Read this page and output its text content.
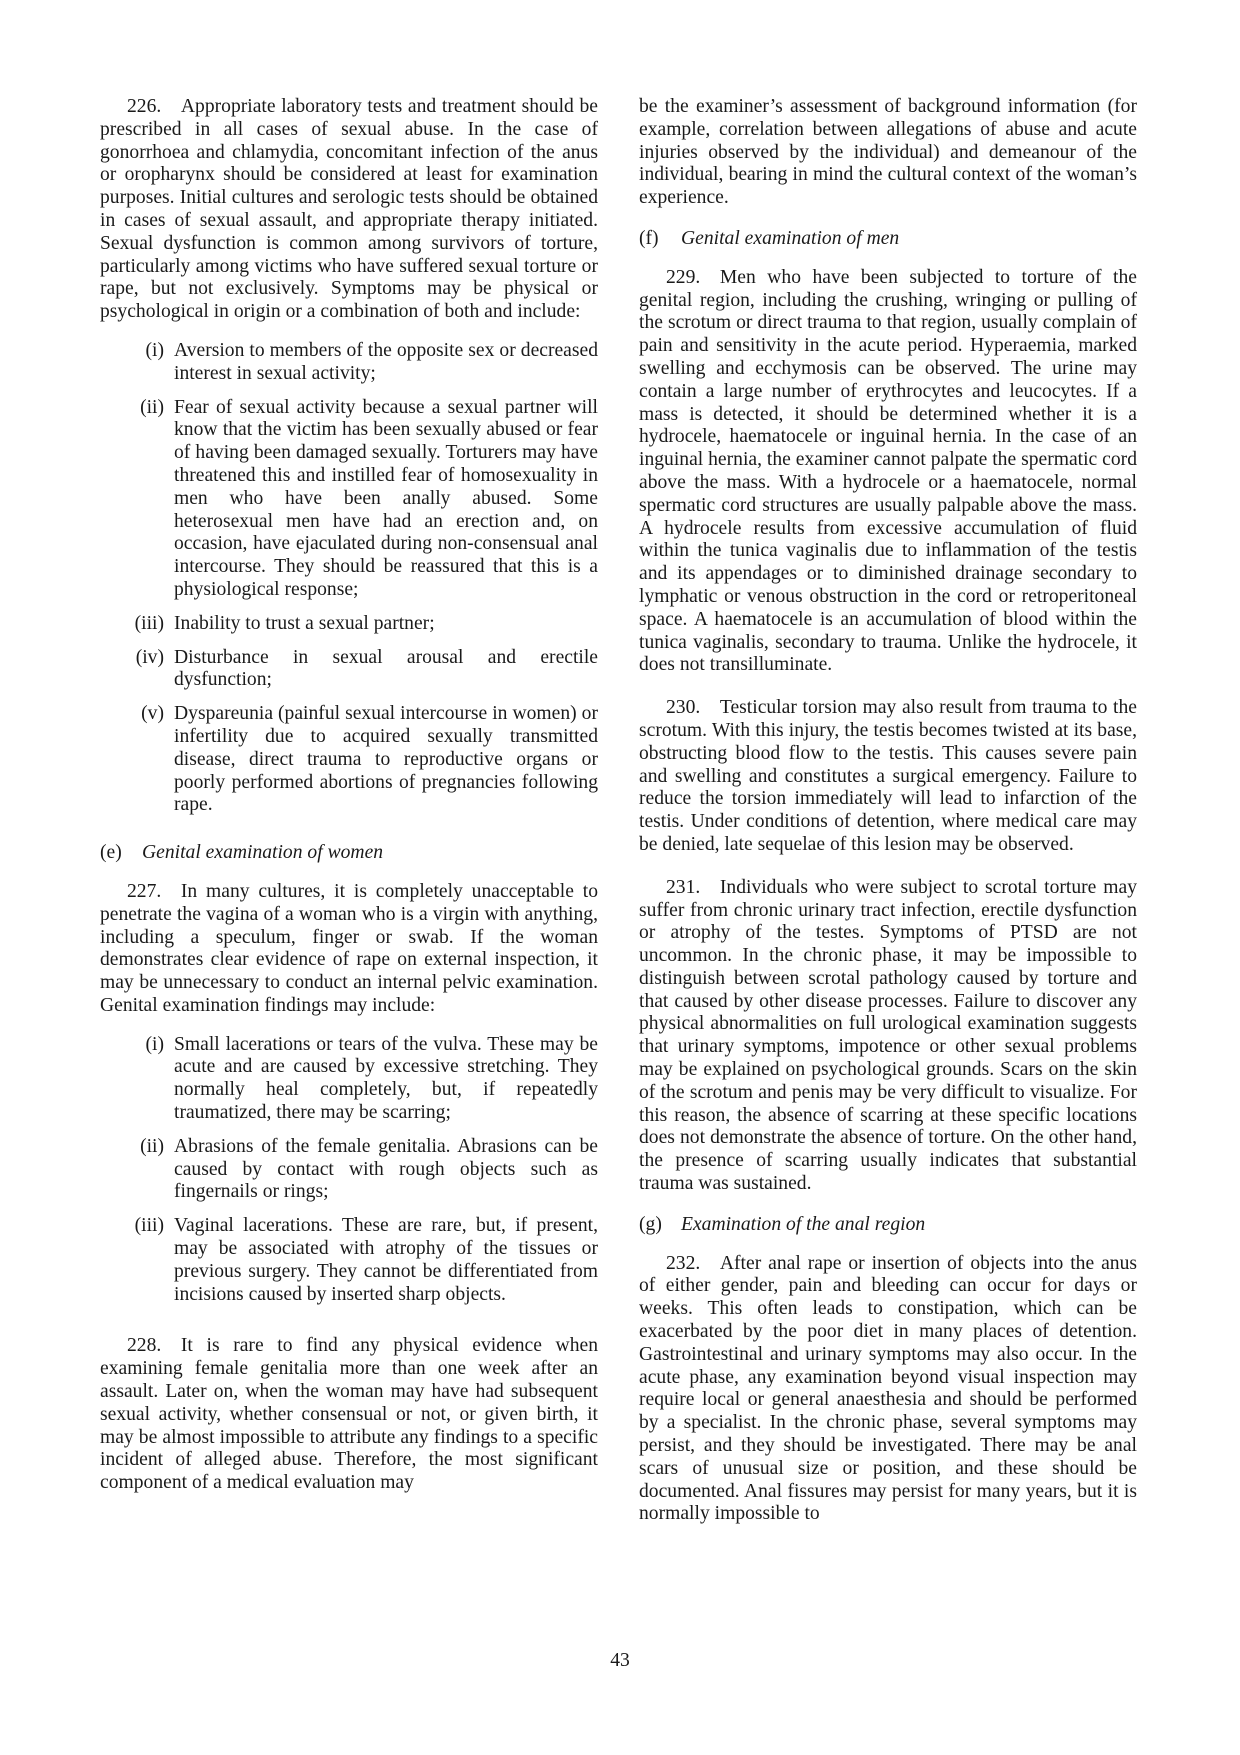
226. Appropriate laboratory tests and treatment should be prescribed in all cases of sexual abuse. In the case of gonorrhoea and chlamydia, concomitant infection of the anus or oropharynx should be considered at least for examination purposes. Initial cultures and serologic tests should be obtained in cases of sexual assault, and appropriate therapy initiated. Sexual dysfunction is common among survivors of torture, particularly among victims who have suffered sexual torture or rape, but not exclusively. Symptoms may be physical or psychological in origin or a combination of both and include:

(i) Aversion to members of the opposite sex or decreased interest in sexual activity;
(ii) Fear of sexual activity because a sexual partner will know that the victim has been sexually abused or fear of having been damaged sexually. Torturers may have threatened this and instilled fear of homosexuality in men who have been anally abused. Some heterosexual men have had an erection and, on occasion, have ejaculated during non-consensual anal intercourse. They should be reassured that this is a physiological response;
(iii) Inability to trust a sexual partner;
(iv) Disturbance in sexual arousal and erectile dysfunction;
(v) Dyspareunia (painful sexual intercourse in women) or infertility due to acquired sexually transmitted disease, direct trauma to reproductive organs or poorly performed abortions of pregnancies following rape.

(e) Genital examination of women

227. In many cultures, it is completely unacceptable to penetrate the vagina of a woman who is a virgin with anything, including a speculum, finger or swab. If the woman demonstrates clear evidence of rape on external inspection, it may be unnecessary to conduct an internal pelvic examination. Genital examination findings may include:

(i) Small lacerations or tears of the vulva. These may be acute and are caused by excessive stretching. They normally heal completely, but, if repeatedly traumatized, there may be scarring;
(ii) Abrasions of the female genitalia. Abrasions can be caused by contact with rough objects such as fingernails or rings;
(iii) Vaginal lacerations. These are rare, but, if present, may be associated with atrophy of the tissues or previous surgery. They cannot be differentiated from incisions caused by inserted sharp objects.

228. It is rare to find any physical evidence when examining female genitalia more than one week after an assault. Later on, when the woman may have had subsequent sexual activity, whether consensual or not, or given birth, it may be almost impossible to attribute any findings to a specific incident of alleged abuse. Therefore, the most significant component of a medical evaluation may

be the examiner’s assessment of background information (for example, correlation between allegations of abuse and acute injuries observed by the individual) and demeanour of the individual, bearing in mind the cultural context of the woman’s experience.

(f) Genital examination of men

229. Men who have been subjected to torture of the genital region, including the crushing, wringing or pulling of the scrotum or direct trauma to that region, usually complain of pain and sensitivity in the acute period. Hyperaemia, marked swelling and ecchymosis can be observed. The urine may contain a large number of erythrocytes and leucocytes. If a mass is detected, it should be determined whether it is a hydrocele, haematocele or inguinal hernia. In the case of an inguinal hernia, the examiner cannot palpate the spermatic cord above the mass. With a hydrocele or a haematocele, normal spermatic cord structures are usually palpable above the mass. A hydrocele results from excessive accumulation of fluid within the tunica vaginalis due to inflammation of the testis and its appendages or to diminished drainage secondary to lymphatic or venous obstruction in the cord or retroperitoneal space. A haematocele is an accumulation of blood within the tunica vaginalis, secondary to trauma. Unlike the hydrocele, it does not transilluminate.

230. Testicular torsion may also result from trauma to the scrotum. With this injury, the testis becomes twisted at its base, obstructing blood flow to the testis. This causes severe pain and swelling and constitutes a surgical emergency. Failure to reduce the torsion immediately will lead to infarction of the testis. Under conditions of detention, where medical care may be denied, late sequelae of this lesion may be observed.

231. Individuals who were subject to scrotal torture may suffer from chronic urinary tract infection, erectile dysfunction or atrophy of the testes. Symptoms of PTSD are not uncommon. In the chronic phase, it may be impossible to distinguish between scrotal pathology caused by torture and that caused by other disease processes. Failure to discover any physical abnormalities on full urological examination suggests that urinary symptoms, impotence or other sexual problems may be explained on psychological grounds. Scars on the skin of the scrotum and penis may be very difficult to visualize. For this reason, the absence of scarring at these specific locations does not demonstrate the absence of torture. On the other hand, the presence of scarring usually indicates that substantial trauma was sustained.

(g) Examination of the anal region

232. After anal rape or insertion of objects into the anus of either gender, pain and bleeding can occur for days or weeks. This often leads to constipation, which can be exacerbated by the poor diet in many places of detention. Gastrointestinal and urinary symptoms may also occur. In the acute phase, any examination beyond visual inspection may require local or general anaesthesia and should be performed by a specialist. In the chronic phase, several symptoms may persist, and they should be investigated. There may be anal scars of unusual size or position, and these should be documented. Anal fissures may persist for many years, but it is normally impossible to

43
